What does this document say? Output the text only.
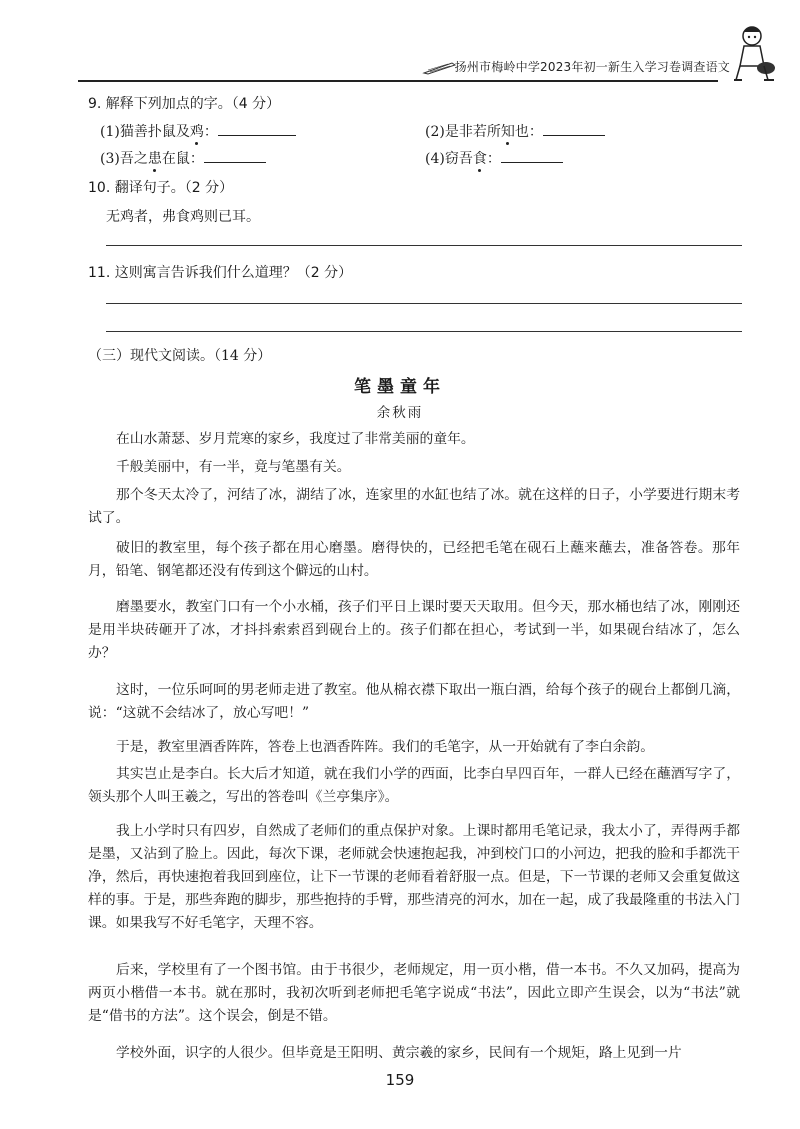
扬州市梅岭中学2023年初一新生入学习卷调查语文
9. 解释下列加点的字。（4 分）
(1)猫善扑鼠及鸡：	(2)是非若所知也：
(3)吾之患在鼠：	(4)窃吾食：
10. 翻译句子。（2 分）
无鸡者，弗食鸡则已耳。
11. 这则寓言告诉我们什么道理？（2 分）
（三）现代文阅读。（14 分）
笔墨童年
余秋雨
在山水萧瑟、岁月荒寒的家乡，我度过了非常美丽的童年。
千般美丽中，有一半，竟与笔墨有关。
那个冬天太冷了，河结了冰，湖结了冰，连家里的水缸也结了冰。就在这样的日子，小学要进行期末考试了。
破旧的教室里，每个孩子都在用心磨墨。磨得快的，已经把毛笔在砚石上蘸来蘸去，准备答卷。那年月，铅笔、钢笔都还没有传到这个僻远的山村。
磨墨要水，教室门口有一个小水桶，孩子们平日上课时要天天取用。但今天，那水桶也结了冰，刚刚还是用半块砖砸开了冰，才抖抖索索舀到砚台上的。孩子们都在担心，考试到一半，如果砚台结冰了，怎么办？
这时，一位乐呵呵的男老师走进了教室。他从棉衣襟下取出一瓶白酒，给每个孩子的砚台上都倒几滴，说：“这就不会结冰了，放心写吧！”
于是，教室里酒香阵阵，答卷上也酒香阵阵。我们的毛笔字，从一开始就有了李白余韵。
其实岂止是李白。长大后才知道，就在我们小学的西面，比李白早四百年，一群人已经在蘸酒写字了，领头那个人叫王羲之，写出的答卷叫《兰亭集序》。
我上小学时只有四岁，自然成了老师们的重点保护对象。上课时都用毛笔记录，我太小了，弄得两手都是墨，又沾到了脸上。因此，每次下课，老师就会快速抱起我，冲到校门口的小河边，把我的脸和手都洗干净，然后，再快速抱着我回到座位，让下一节课的老师看着舒服一点。但是，下一节课的老师又会重复做这样的事。于是，那些奔跑的脚步，那些抱持的手臂，那些清亮的河水，加在一起，成了我最隆重的书法入门课。如果我写不好毛笔字，天理不容。
后来，学校里有了一个图书馆。由于书很少，老师规定，用一页小楷，借一本书。不久又加码，提高为两页小楷借一本书。就在那时，我初次听到老师把毛笔字说成“书法”，因此立即产生误会，以为“书法”就是“借书的方法”。这个误会，倒是不错。
学校外面，识字的人很少。但毕竟是王阳明、黄宗羲的家乡，民间有一个规矩，路上见到一片
159
